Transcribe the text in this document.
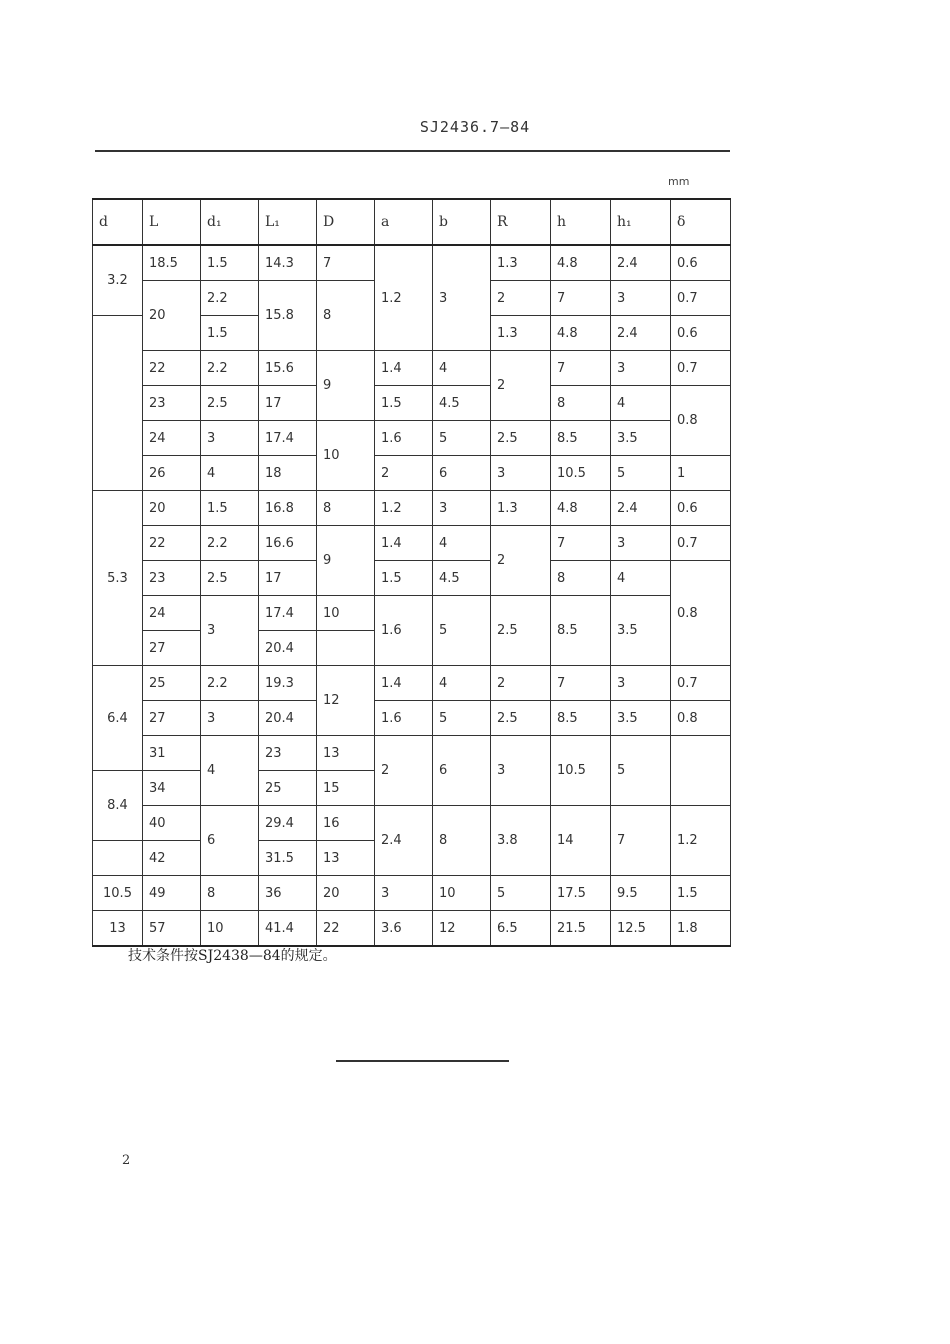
SJ2436.7—84
mm
d	L	d₁	L₁	D	a	b	R	h	h₁	δ
3.2	18.5	1.5	14.3	7	1.2	3	1.3	4.8	2.4	0.6
	20	2.2	15.8	8			2	7	3	0.7
		1.5					1.3	4.8	2.4	0.6
	22	2.2	15.6	9	1.4	4	2	7	3	0.7
	23	2.5	17		1.5	4.5		8	4	0.8
	24	3	17.4	10	1.6	5	2.5	8.5	3.5	
	26	4	18		2	6	3	10.5	5	1
5.3	20	1.5	16.8	8	1.2	3	1.3	4.8	2.4	0.6
	22	2.2	16.6	9	1.4	4	2	7	3	0.7
	23	2.5	17		1.5	4.5		8	4	0.8
	24	3	17.4	10	1.6	5	2.5	8.5	3.5	
	27		20.4							
6.4	25	2.2	19.3	12	1.4	4	2	7	3	0.7
	27	3	20.4		1.6	5	2.5	8.5	3.5	0.8
	31	4	23	13	2	6	3	10.5	5	
8.4	34		25	15						
	40	6	29.4	16	2.4	8	3.8	14	7	1.2
	42		31.5	13						
10.5	49	8	36	20	3	10	5	17.5	9.5	1.5
13	57	10	41.4	22	3.6	12	6.5	21.5	12.5	1.8
技术条件按SJ2438—84的规定。
2
